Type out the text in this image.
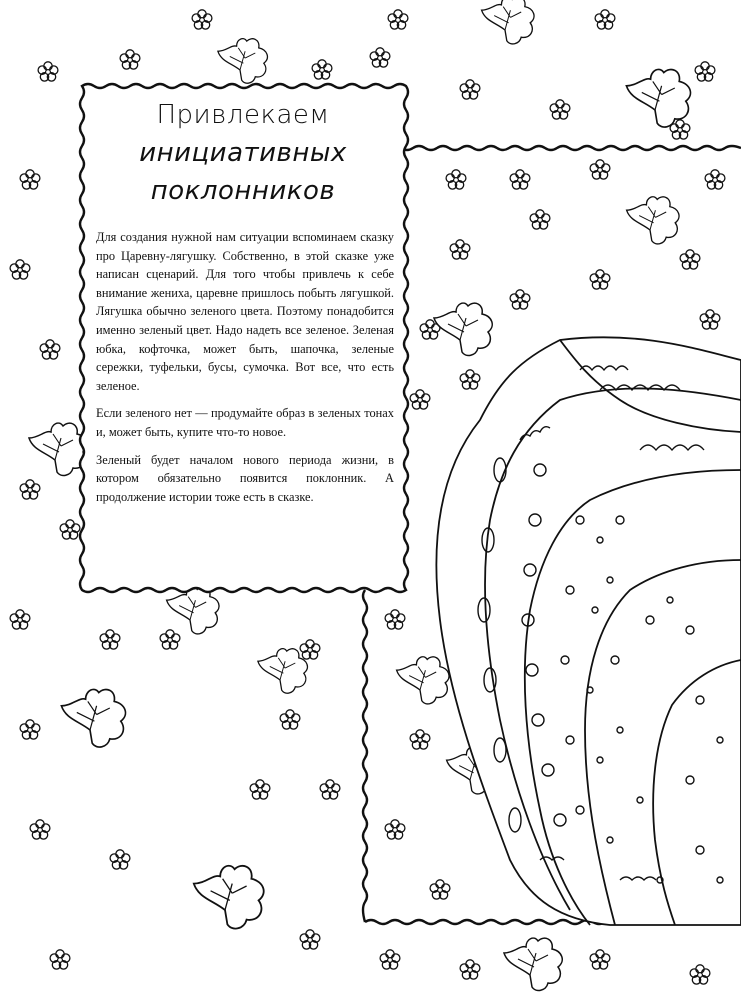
Привлекаем
инициативных
поклонников

Для создания нужной нам ситуации вспоминаем сказку про Царевну-лягушку. Собственно, в этой сказке уже написан сценарий. Для того чтобы привлечь к себе внимание жениха, царевне пришлось побыть лягушкой. Лягушка обычно зеленого цвета. Поэтому понадобится именно зеленый цвет. Надо надеть все зеленое. Зеленая юбка, кофточка, может быть, шапочка, зеленые сережки, туфельки, бусы, сумочка. Вот все, что есть зеленое.

Если зеленого нет — продумайте образ в зеленых тонах и, может быть, купите что-то новое.

Зеленый будет началом нового периода жизни, в котором обязательно появится поклонник. А продолжение истории тоже есть в сказке.
